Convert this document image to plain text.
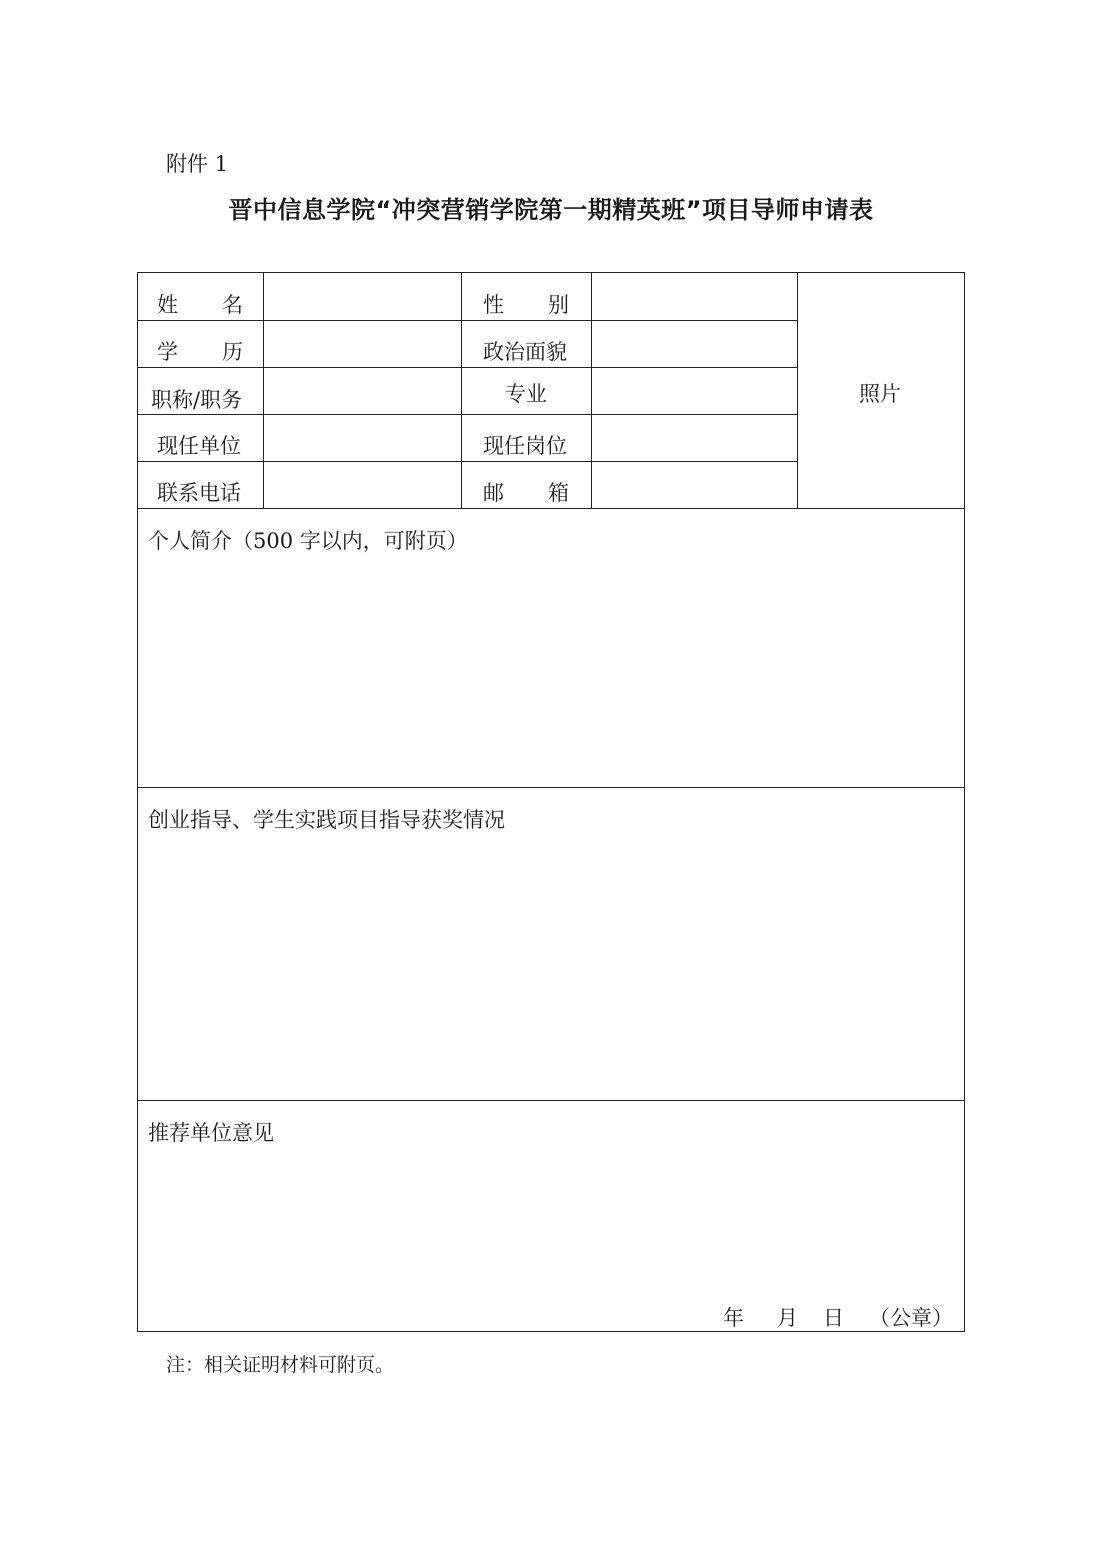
附件 1
晋中信息学院“冲突营销学院第一期精英班”项目导师申请表
姓 名	性 别
学 历	政治面貌
职称/职务	专业
现任单位	现任岗位
联系电话	邮 箱
照片
个人简介（500 字以内，可附页）
创业指导、学生实践项目指导获奖情况
推荐单位意见
年 月 日 （公章）
注：相关证明材料可附页。
